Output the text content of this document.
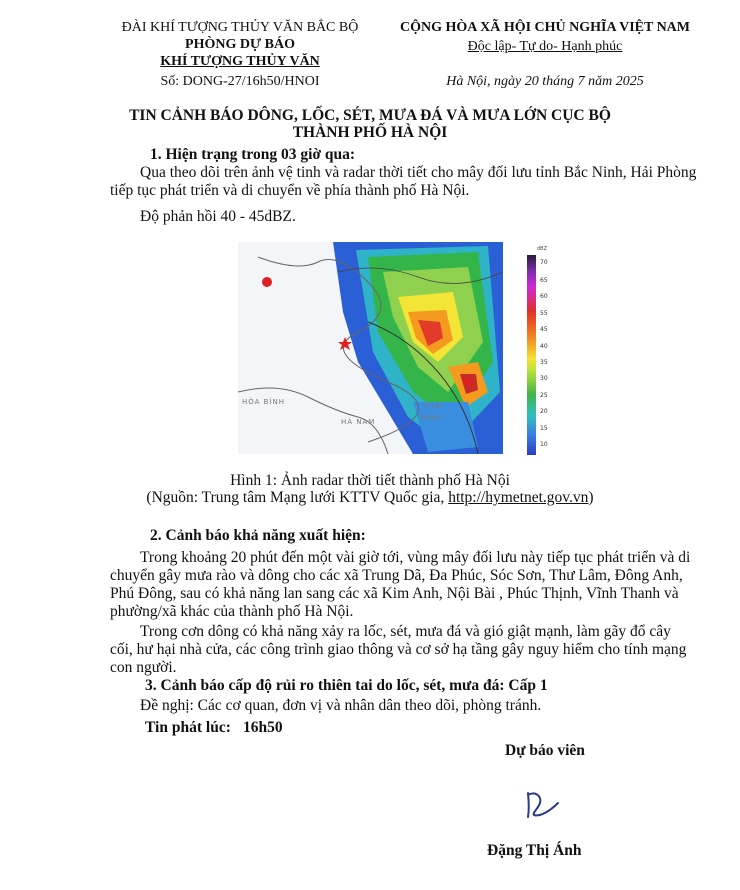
ĐÀI KHÍ TƯỢNG THỦY VĂN BẮC BỘ
PHÒNG DỰ BÁO
KHÍ TƯỢNG THỦY VĂN
Số: DONG-27/16h50/HNOI
CỘNG HÒA XÃ HỘI CHỦ NGHĨA VIỆT NAM
Độc lập- Tự do- Hạnh phúc
Hà Nội, ngày 20 tháng 7 năm 2025
TIN CẢNH BÁO DÔNG, LỐC, SÉT, MƯA ĐÁ VÀ MƯA LỚN CỤC BỘ
THÀNH PHỐ HÀ NỘI
1. Hiện trạng trong 03 giờ qua:
Qua theo dõi trên ảnh vệ tinh và radar thời tiết cho mây đối lưu tỉnh Bắc Ninh, Hải Phòng
tiếp tục phát triển và di chuyển về phía thành phố Hà Nội.
Độ phản hồi 40 - 45dBZ.
HÒA BÌNH
HÀ NAM
THÁI
BÌNH
dBZ
70
65
60
55
45
40
35
30
25
20
15
10
Hình 1: Ảnh radar thời tiết thành phố Hà Nội
(Nguồn: Trung tâm Mạng lưới KTTV Quốc gia, http://hymetnet.gov.vn)
2. Cảnh báo khả năng xuất hiện:
Trong khoảng 20 phút đến một vài giờ tới, vùng mây đối lưu này tiếp tục phát triển và di
chuyển gây mưa rào và dông cho các xã Trung Dã, Đa Phúc, Sóc Sơn, Thư Lâm, Đông Anh,
Phú Đông, sau có khả năng lan sang các xã Kim Anh, Nội Bài , Phúc Thịnh, Vĩnh Thanh và
phường/xã khác của thành phố Hà Nội.
Trong cơn dông có khả năng xảy ra lốc, sét, mưa đá và gió giật mạnh, làm gãy đổ cây
cối, hư hại nhà cửa, các công trình giao thông và cơ sở hạ tầng gây nguy hiểm cho tính mạng
con người.
3. Cảnh báo cấp độ rủi ro thiên tai do lốc, sét, mưa đá: Cấp 1
Đề nghị: Các cơ quan, đơn vị và nhân dân theo dõi, phòng tránh.
Tin phát lúc: 16h50
Dự báo viên
Đặng Thị Ánh
